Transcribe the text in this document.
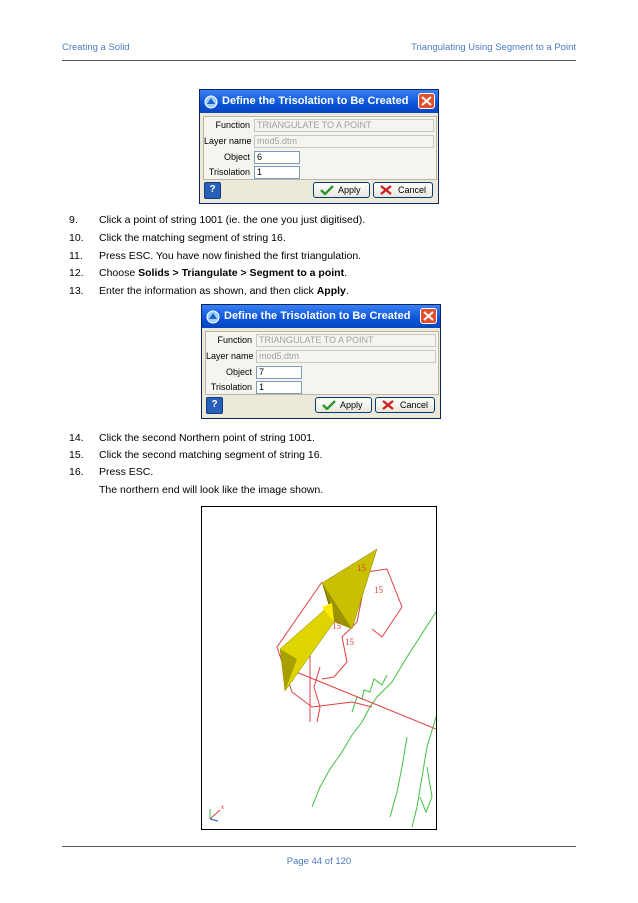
Creating a Solid	Triangulating Using Segment to a Point
Define the Trisolation to Be Created
Function TRIANGULATE TO A POINT
Layer name mod5.dtm
Object 6
Trisolation 1
?	Apply	Cancel
9. Click a point of string 1001 (ie. the one you just digitised).
10. Click the matching segment of string 16.
11. Press ESC. You have now finished the first triangulation.
12. Choose Solids > Triangulate > Segment to a point.
13. Enter the information as shown, and then click Apply.
Define the Trisolation to Be Created
Function TRIANGULATE TO A POINT
Layer name mod5.dtm
Object 7
Trisolation 1
?	Apply	Cancel
14. Click the second Northern point of string 1001.
15. Click the second matching segment of string 16.
16. Press ESC.
The northern end will look like the image shown.
15
15
15
15
x
Page 44 of 120
